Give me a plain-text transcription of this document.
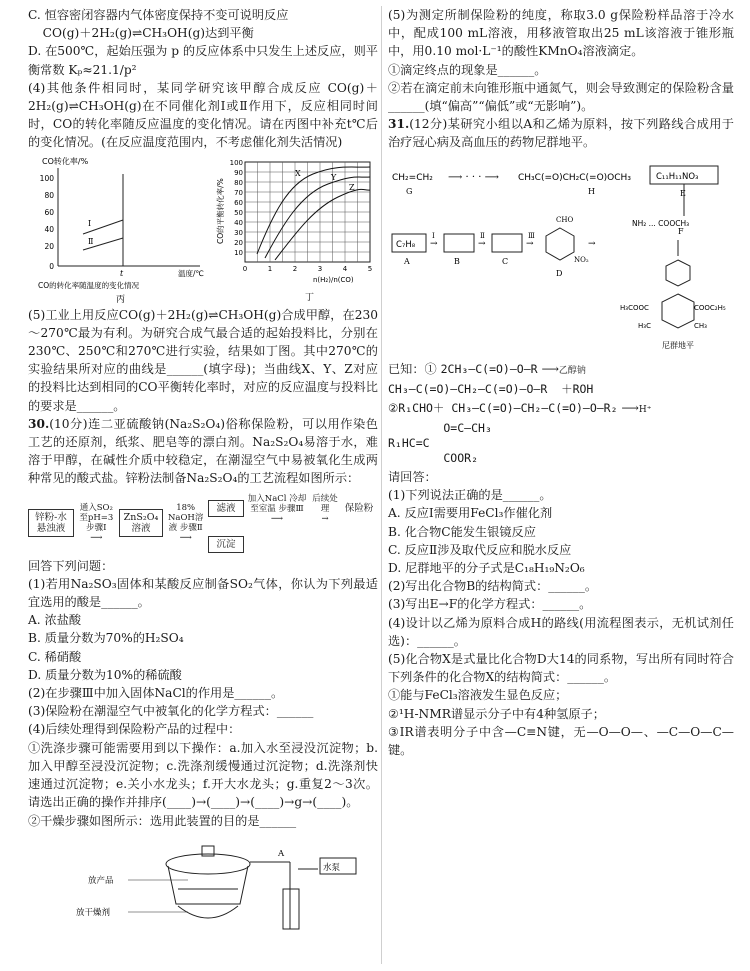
C. 恒容密闭容器内气体密度保持不变可说明反应

CO(g)＋2H₂(g)⇌CH₃OH(g)达到平衡

D. 在500℃，起始压强为 p 的反应体系中只发生上述反应，则平衡常数 Kₚ≈21.1/p²

(4)其他条件相同时，某同学研究该甲醇合成反应 CO(g)＋2H₂(g)⇌CH₃OH(g)在不同催化剂Ⅰ或Ⅱ作用下，反应相同时间时，CO的转化率随反应温度的变化情况。请在丙图中补充t℃后的变化情况。(在反应温度范围内，不考虑催化剂失活情况)

CO转化率/%
100
80
60
40
20
0
Ⅰ
Ⅱ
t	温度/℃
CO的转化率随温度的变化情况
丙
CO的平衡转化率/%
100
90
80
70
60
50
40
30
20
10
0	1	2	3	4	5
X	Y
Z
n(H₂)/n(CO)
丁

(5)工业上用反应CO(g)＋2H₂(g)⇌CH₃OH(g)合成甲醇，在230～270℃最为有利。为研究合成气最合适的起始投料比，分别在230℃、250℃和270℃进行实验，结果如丁图。其中270℃的实验结果所对应的曲线是______(填字母)；当曲线X、Y、Z对应的投料比达到相同的CO平衡转化率时，对应的反应温度与投料比的要求是______。

30.(10分)连二亚硫酸钠(Na₂S₂O₄)俗称保险粉，可以用作染色工艺的还原剂，纸浆、肥皂等的漂白剂。Na₂S₂O₄易溶于水，难溶于甲醇，在碱性介质中较稳定，在潮湿空气中易被氧化生成两种常见的酸式盐。锌粉法制备Na₂S₂O₄的工艺流程如图所示：

锌粉-水悬浊液
通入SO₂至pH=3 步骤Ⅰ
⟶
ZnS₂O₄溶液
18% NaOH溶液 步骤Ⅱ
⟶
滤液
加入NaCl 冷却至室温 步骤Ⅲ
⟶
后续处理
→
保险粉
沉淀

回答下列问题：

(1)若用Na₂SO₃固体和某酸反应制备SO₂气体，你认为下列最适宜选用的酸是______。

A. 浓盐酸

B. 质量分数为70%的H₂SO₄

C. 稀硝酸

D. 质量分数为10%的稀硫酸

(2)在步骤Ⅲ中加入固体NaCl的作用是______。

(3)保险粉在潮湿空气中被氧化的化学方程式：______

(4)后续处理得到保险粉产品的过程中：

①洗涤步骤可能需要用到以下操作：a.加入水至浸没沉淀物；b.加入甲醇至浸没沉淀物；c.洗涤剂缓慢通过沉淀物；d.洗涤剂快速通过沉淀物；e.关小水龙头；f.开大水龙头；g.重复2～3次。请选出正确的操作并排序(____)→(____)→(____)→g→(____)。

②干燥步骤如图所示：选用此装置的目的是______

水泵
A
放产品
放干燥剂

(5)为测定所制保险粉的纯度，称取3.0 g保险粉样品溶于冷水中，配成100 mL溶液，用移液管取出25 mL该溶液于锥形瓶中，用0.10 mol·L⁻¹的酸性KMnO₄溶液滴定。

①滴定终点的现象是______。

②若在滴定前未向锥形瓶中通氮气，则会导致测定的保险粉含量______(填“偏高”“偏低”或“无影响”)。

31.(12分)某研究小组以A和乙烯为原料，按下列路线合成用于治疗冠心病及高血压的药物尼群地平。

CH₂=CH₂
G
⟶ · · · ⟶ CH₃C(=O)CH₂C(=O)OCH₃
H
C₁₁H₁₁NO₃
E
C₇H₈
A
→
Ⅰ
B
→
Ⅱ
C
→
Ⅲ
CHO
NO₂
D
→
F
NH₂ ... COOCH₃
H₃COOC	COOC₂H₅
H₃C	CH₃
尼群地平

已知：① 2CH₃—C(=O)—O—R ⟶乙醇钠

CH₃—C(=O)—CH₂—C(=O)—O—R  ＋ROH

②R₁CHO＋ CH₃—C(=O)—CH₂—C(=O)—O—R₂ ⟶H⁺

O=C—CH₃
R₁HC=C
COOR₂

请回答：

(1)下列说法正确的是______。

A. 反应Ⅰ需要用FeCl₃作催化剂

B. 化合物C能发生银镜反应

C. 反应Ⅱ涉及取代反应和脱水反应

D. 尼群地平的分子式是C₁₈H₁₉N₂O₆

(2)写出化合物B的结构简式：______。

(3)写出E→F的化学方程式：______。

(4)设计以乙烯为原料合成H的路线(用流程图表示，无机试剂任选)：______。

(5)化合物X是式量比化合物D大14的同系物，写出所有同时符合下列条件的化合物X的结构简式：______。

①能与FeCl₃溶液发生显色反应；

②¹H-NMR谱显示分子中有4种氢原子；

③IR谱表明分子中含—C≡N键，无—O—O—、—C—O—C—键。
